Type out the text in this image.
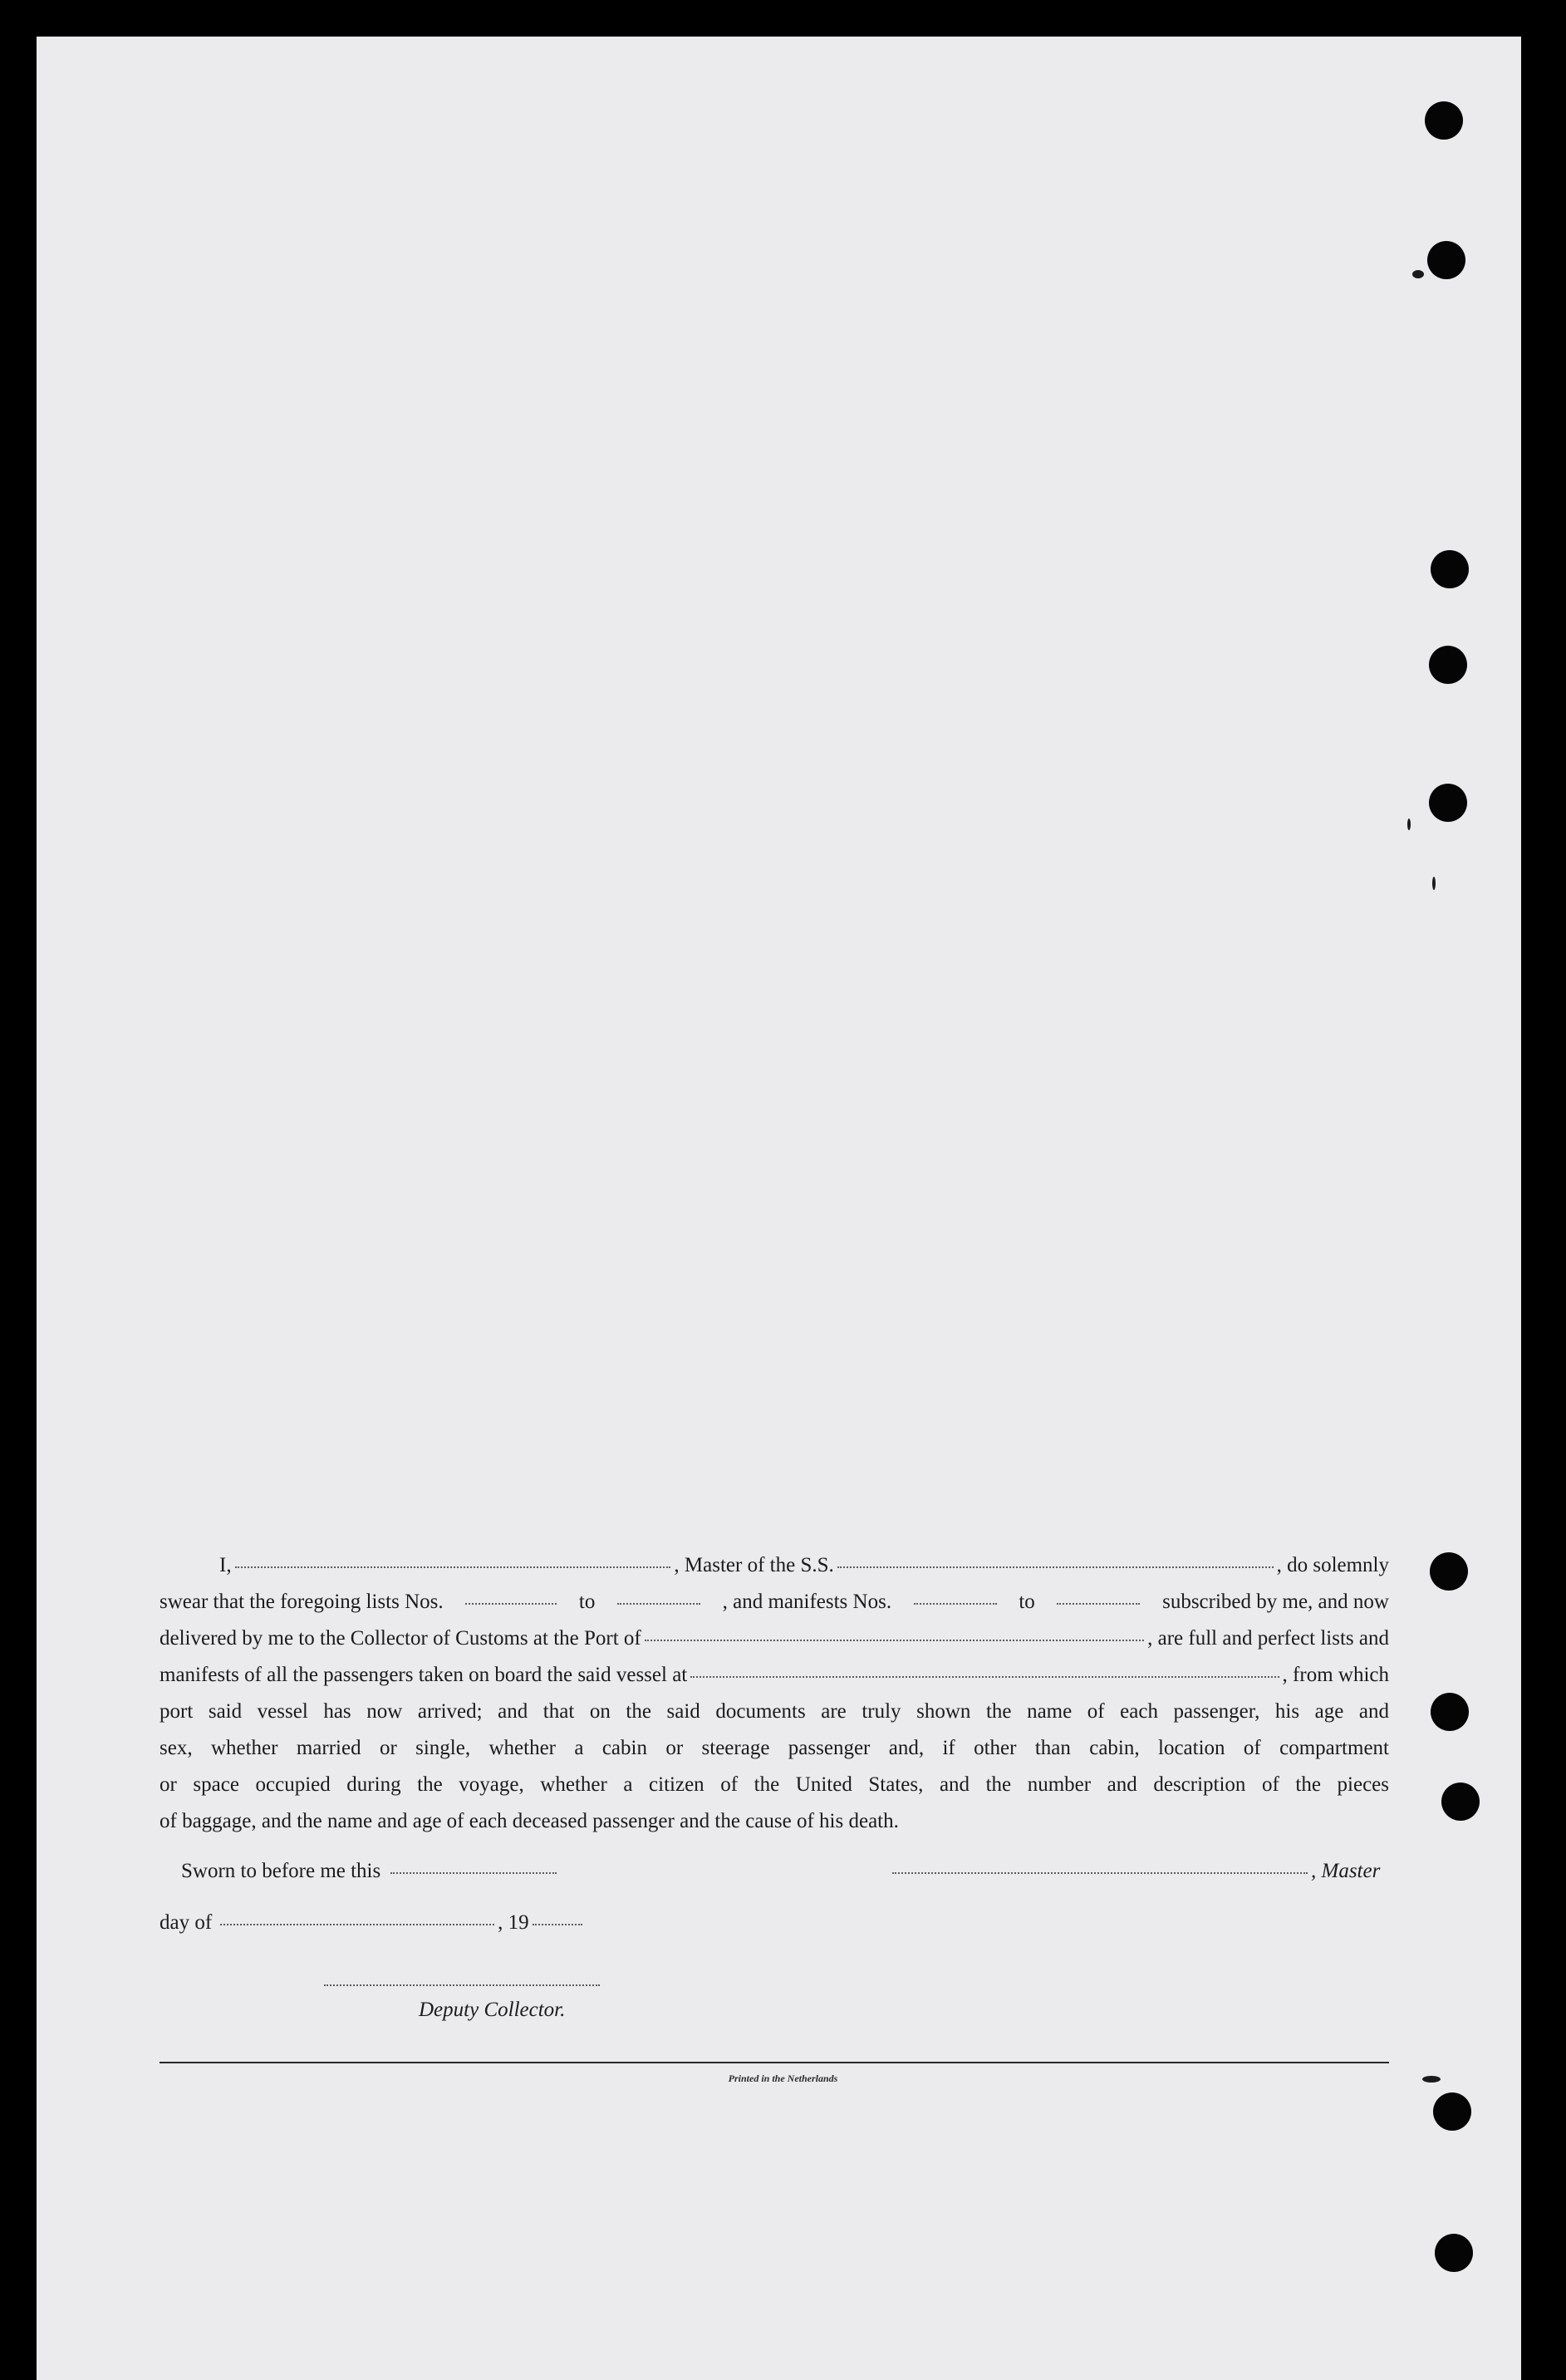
I,	, Master of the S.S.	, do solemnly
swear that the foregoing lists Nos.	to	, and manifests Nos.	to	subscribed by me, and now
delivered by me to the Collector of Customs at the Port of	, are full and perfect lists and
manifests of all the passengers taken on board the said vessel at	, from which
port said vessel has now arrived; and that on the said documents are truly shown the name of each passenger, his age and
sex, whether married or single, whether a cabin or steerage passenger and, if other than cabin, location of compartment
or space occupied during the voyage, whether a citizen of the United States, and the number and description of the pieces
of baggage, and the name and age of each deceased passenger and the cause of his death.
Sworn to before me this	, Master
day of	, 19
Deputy Collector.
Printed in the Netherlands
